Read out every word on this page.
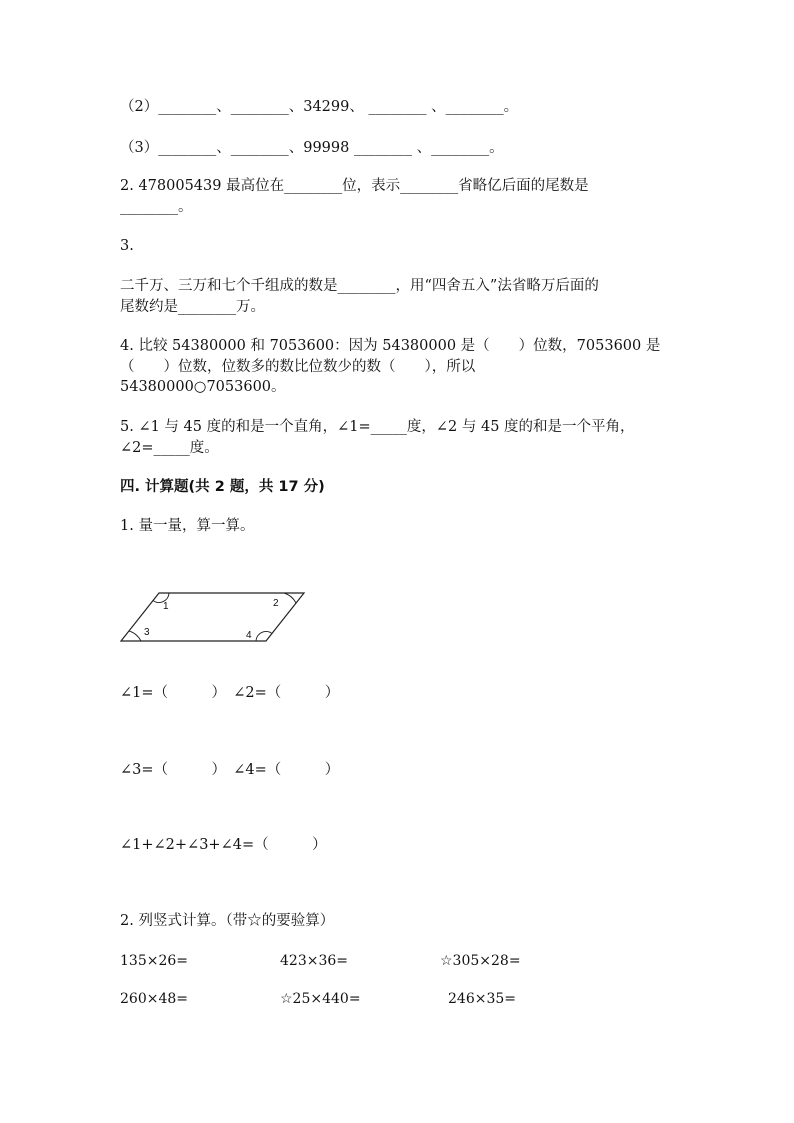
（2）________、________、34299、 ________ 、________。
（3）________、________、99998 ________ 、________。
2. 478005439 最高位在________位，表示________省略亿后面的尾数是
________。
3.
二千万、三万和七个千组成的数是________，用“四舍五入”法省略万后面的
尾数约是________万。
4. 比较 54380000 和 7053600：因为 54380000 是（　　）位数，7053600 是
（　　）位数，位数多的数比位数少的数（　　），所以
54380000○7053600。
5. ∠1 与 45 度的和是一个直角，∠1=_____度，∠2 与 45 度的和是一个平角，
∠2=_____度。
四. 计算题(共 2 题，共 17 分)
1. 量一量，算一算。
1	2
3	4
∠1=（　　　）　∠2=（　　　）
∠3=（　　　）　∠4=（　　　）
∠1+∠2+∠3+∠4=（　　　）
2. 列竖式计算。（带☆的要验算）
135×26=	423×36=	☆305×28=
260×48=	☆25×440=	246×35=
